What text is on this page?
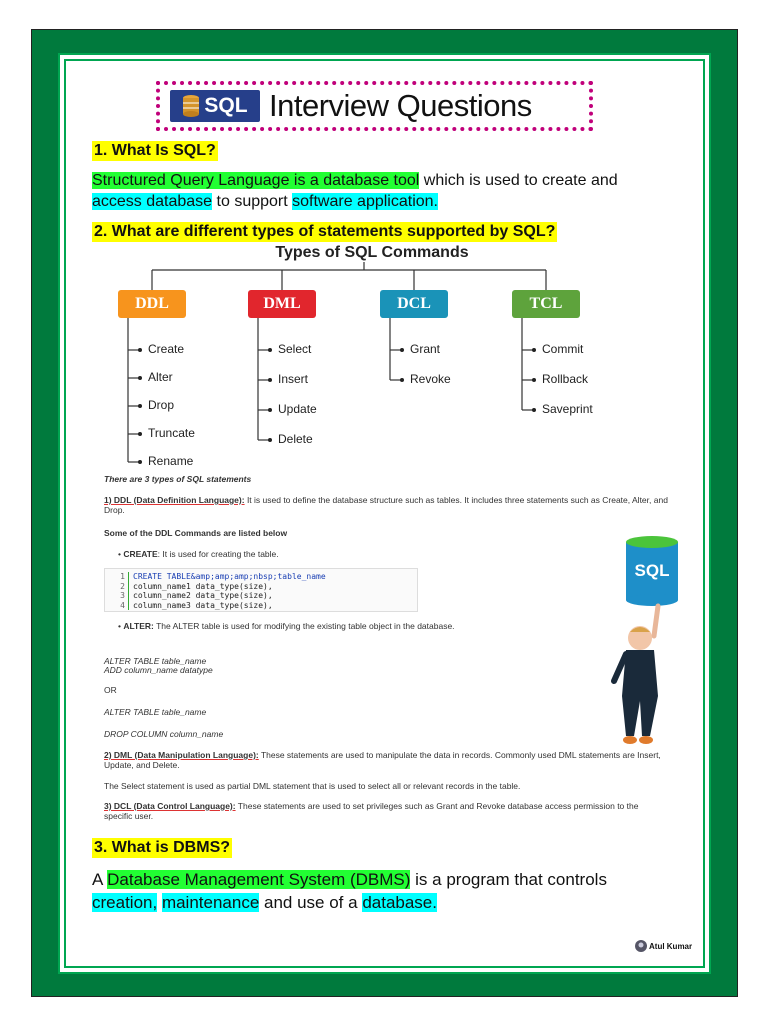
SQL Interview Questions
1. What Is SQL?
Structured Query Language is a database tool which is used to create and access database to support software application.
2. What are different types of statements supported by SQL?
Types of SQL Commands
DDL
Create
Alter
Drop
Truncate
Rename
DML
Select
Insert
Update
Delete
DCL
Grant
Revoke
TCL
Commit
Rollback
Saveprint
There are 3 types of SQL statements
1) DDL (Data Definition Language): It is used to define the database structure such as tables. It includes three statements such as Create, Alter, and Drop.
Some of the DDL Commands are listed below
• CREATE: It is used for creating the table.
1 CREATE TABLE&amp;amp;amp;nbsp;table_name
2 column_name1 data_type(size),
3 column_name2 data_type(size),
4 column_name3 data_type(size),
• ALTER: The ALTER table is used for modifying the existing table object in the database.
ALTER TABLE table_name
ADD column_name datatype
OR
ALTER TABLE table_name
DROP COLUMN column_name
2) DML (Data Manipulation Language): These statements are used to manipulate the data in records. Commonly used DML statements are Insert, Update, and Delete.
The Select statement is used as partial DML statement that is used to select all or relevant records in the table.
3) DCL (Data Control Language): These statements are used to set privileges such as Grant and Revoke database access permission to the specific user.
SQL
3. What is DBMS?
A Database Management System (DBMS) is a program that controls creation, maintenance and use of a database.
Atul Kumar
